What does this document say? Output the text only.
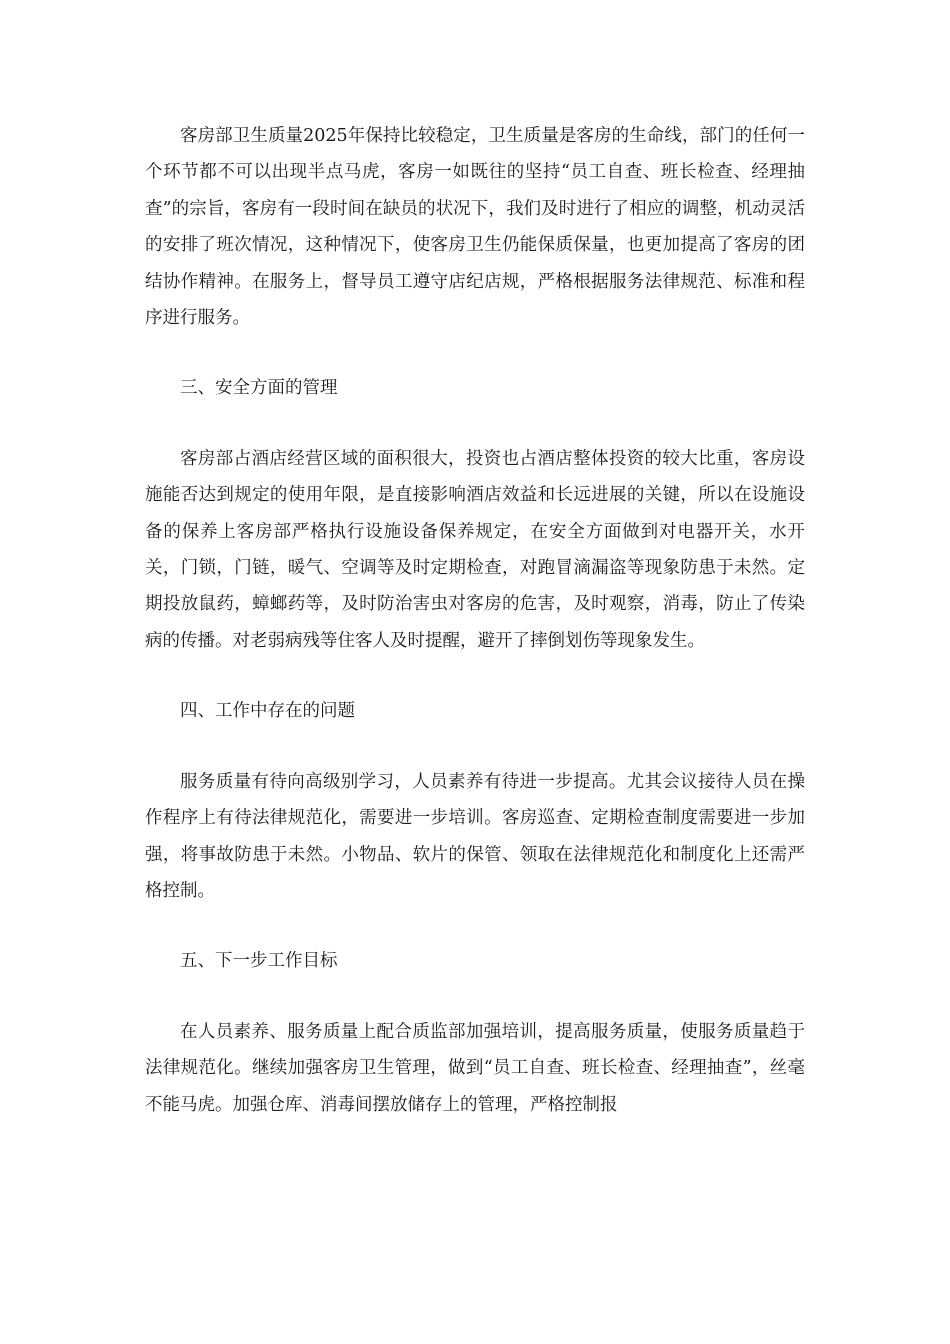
客房部卫生质量2025年保持比较稳定，卫生质量是客房的生命线，部门的任何一个环节都不可以出现半点马虎，客房一如既往的坚持“员工自查、班长检查、经理抽查”的宗旨，客房有一段时间在缺员的状况下，我们及时进行了相应的调整，机动灵活的安排了班次情况，这种情况下，使客房卫生仍能保质保量，也更加提高了客房的团结协作精神。在服务上，督导员工遵守店纪店规，严格根据服务法律规范、标准和程序进行服务。

三、安全方面的管理

客房部占酒店经营区域的面积很大，投资也占酒店整体投资的较大比重，客房设施能否达到规定的使用年限，是直接影响酒店效益和长远进展的关键，所以在设施设备的保养上客房部严格执行设施设备保养规定，在安全方面做到对电器开关，水开关，门锁，门链，暖气、空调等及时定期检查，对跑冒滴漏盗等现象防患于未然。定期投放鼠药，蟑螂药等，及时防治害虫对客房的危害，及时观察，消毒，防止了传染病的传播。对老弱病残等住客人及时提醒，避开了摔倒划伤等现象发生。

四、工作中存在的问题

服务质量有待向高级别学习，人员素养有待进一步提高。尤其会议接待人员在操作程序上有待法律规范化，需要进一步培训。客房巡查、定期检查制度需要进一步加强，将事故防患于未然。小物品、软片的保管、领取在法律规范化和制度化上还需严格控制。

五、下一步工作目标

在人员素养、服务质量上配合质监部加强培训，提高服务质量，使服务质量趋于法律规范化。继续加强客房卫生管理，做到“员工自查、班长检查、经理抽查”，丝毫不能马虎。加强仓库、消毒间摆放储存上的管理，严格控制报
